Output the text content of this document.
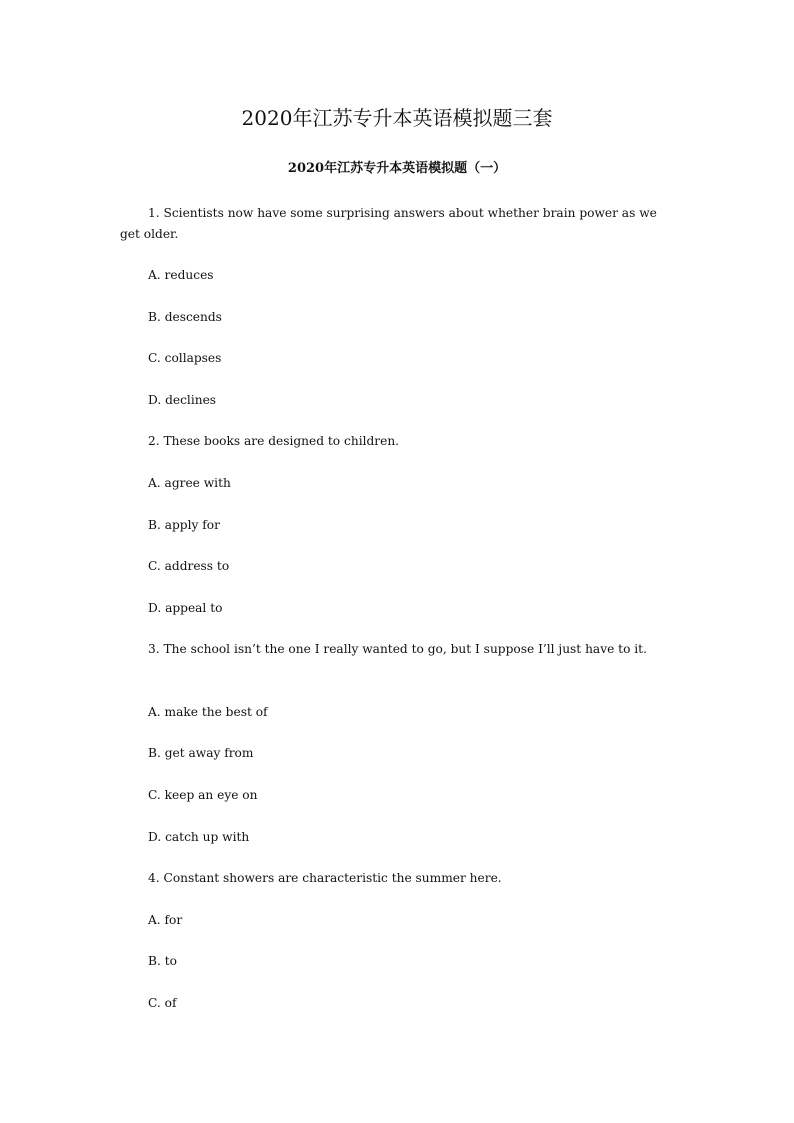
2020年江苏专升本英语模拟题三套
2020年江苏专升本英语模拟题（一）
1. Scientists now have some surprising answers about whether brain power as we get older.
A. reduces
B. descends
C. collapses
D. declines
2. These books are designed to children.
A. agree with
B. apply for
C. address to
D. appeal to
3. The school isn’t the one I really wanted to go, but I suppose I’ll just have to it.
A. make the best of
B. get away from
C. keep an eye on
D. catch up with
4. Constant showers are characteristic the summer here.
A. for
B. to
C. of
